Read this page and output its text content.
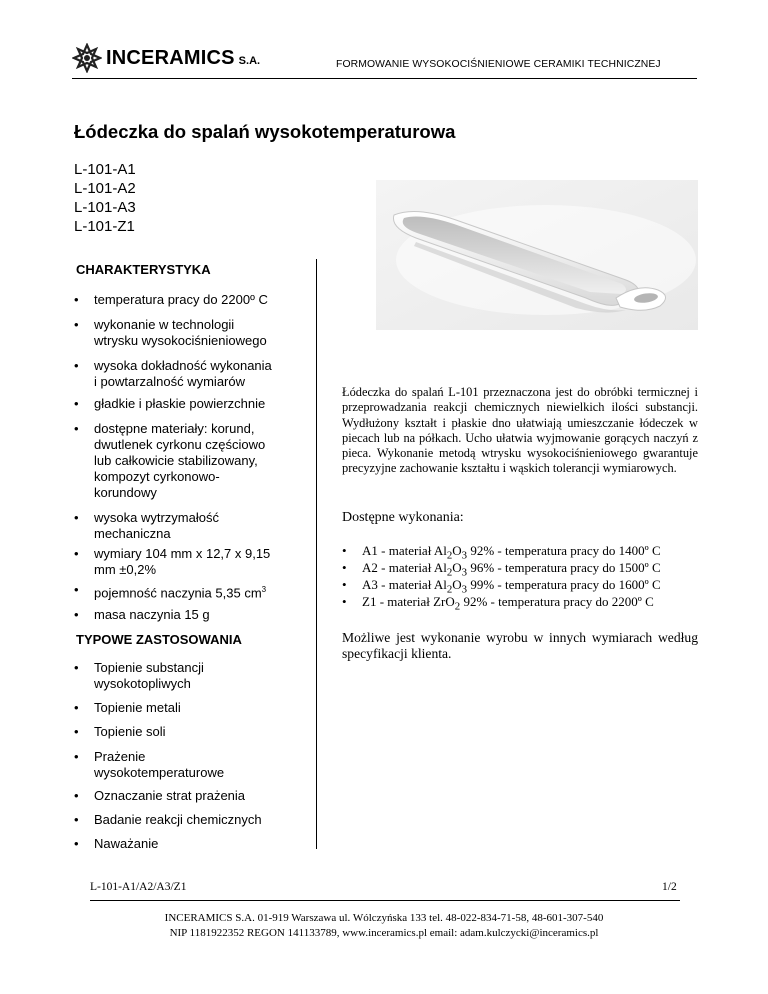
INCERAMICS S.A.	FORMOWANIE WYSOKOCIŚNIENIOWE CERAMIKI TECHNICZNEJ
Łódeczka do spalań wysokotemperaturowa
L-101-A1
L-101-A2
L-101-A3
L-101-Z1
CHARAKTERYSTYKA
• temperatura pracy do 2200º C
• wykonanie w technologii
wtrysku wysokociśnieniowego
• wysoka dokładność wykonania
i powtarzalność wymiarów
• gładkie i płaskie powierzchnie
• dostępne materiały: korund,
dwutlenek cyrkonu częściowo
lub całkowicie stabilizowany,
kompozyt cyrkonowo-
korundowy
• wysoka wytrzymałość
mechaniczna
• wymiary 104 mm x 12,7 x 9,15
mm ±0,2%
• pojemność naczynia 5,35 $cm^3$
• masa naczynia 15 g
TYPOWE ZASTOSOWANIA
• Topienie substancji
wysokotopliwych
• Topienie metali
• Topienie soli
• Prażenie
wysokotemperaturowe
• Oznaczanie strat prażenia
• Badanie reakcji chemicznych
• Naważanie
Łódeczka do spalań L-101 przeznaczona jest do obróbki termicznej i przeprowadzania reakcji chemicznych niewielkich ilości substancji. Wydłużony kształt i płaskie dno ułatwiają umieszczanie łódeczek w piecach lub na półkach. Ucho ułatwia wyjmowanie gorących naczyń z pieca. Wykonanie metodą wtrysku wysokociśnieniowego gwarantuje precyzyjne zachowanie kształtu i wąskich tolerancji wymiarowych.
Dostępne wykonania:
• A1 - materiał $Al_2O_3$ 92% - temperatura pracy do 1400º C
• A2 - materiał $Al_2O_3$ 96% - temperatura pracy do 1500º C
• A3 - materiał $Al_2O_3$ 99% - temperatura pracy do 1600º C
• Z1 - materiał ZrO$_2$ 92% - temperatura pracy do 2200º C
Możliwe jest wykonanie wyrobu w innych wymiarach według specyfikacji klienta.
L-101-A1/A2/A3/Z1	1/2
INCERAMICS S.A. 01-919 Warszawa ul. Wólczyńska 133 tel. 48-022-834-71-58, 48-601-307-540
NIP 1181922352 REGON 141133789, www.inceramics.pl email: adam.kulczycki@inceramics.pl
